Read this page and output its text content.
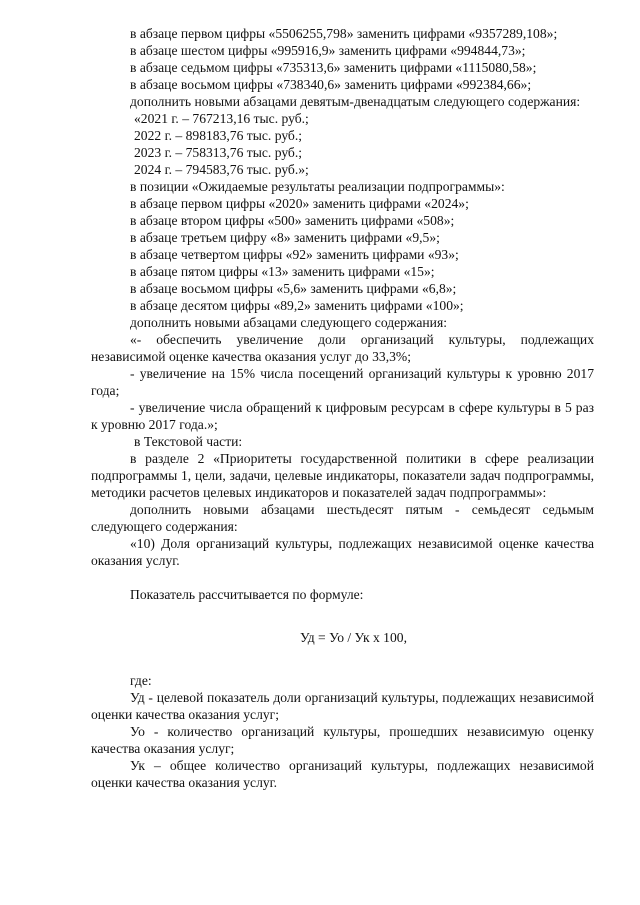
в абзаце первом цифры «5506255,798» заменить цифрами «9357289,108»;

в абзаце шестом цифры «995916,9» заменить цифрами «994844,73»;

в абзаце седьмом цифры «735313,6» заменить цифрами «1115080,58»;

в абзаце восьмом цифры «738340,6» заменить цифрами «992384,66»;

дополнить новыми абзацами девятым-двенадцатым следующего содержания:

«2021 г. – 767213,16 тыс. руб.;

2022 г. – 898183,76 тыс. руб.;

2023 г. – 758313,76 тыс. руб.;

2024 г. – 794583,76 тыс. руб.»;

в позиции «Ожидаемые результаты реализации подпрограммы»:

в абзаце первом цифры «2020» заменить цифрами «2024»;

в абзаце втором цифры «500» заменить цифрами «508»;

в абзаце третьем цифру «8» заменить цифрами «9,5»;

в абзаце четвертом цифры «92» заменить цифрами «93»;

в абзаце пятом цифры «13» заменить цифрами «15»;

в абзаце восьмом цифры «5,6» заменить цифрами «6,8»;

в абзаце десятом цифры «89,2» заменить цифрами «100»;

дополнить новыми абзацами следующего содержания:

«- обеспечить увеличение доли организаций культуры, подлежащих независимой оценке качества оказания услуг до 33,3%;

- увеличение на 15% числа посещений организаций культуры к уровню 2017 года;

- увеличение числа обращений к цифровым ресурсам в сфере культуры в 5 раз к уровню 2017 года.»;

в Текстовой части:

в разделе 2 «Приоритеты государственной политики в сфере реализации подпрограммы 1, цели, задачи, целевые индикаторы, показатели задач подпрограммы, методики расчетов целевых индикаторов и показателей задач подпрограммы»:

дополнить новыми абзацами шестьдесят пятым - семьдесят седьмым следующего содержания:

«10) Доля организаций культуры, подлежащих независимой оценке качества оказания услуг.

Показатель рассчитывается по формуле:

Уд = Уо / Ук х 100,

где:

Уд - целевой показатель доли организаций культуры, подлежащих независимой оценки качества оказания услуг;

Уо - количество организаций культуры, прошедших независимую оценку качества оказания услуг;

Ук – общее количество организаций культуры, подлежащих независимой оценки качества оказания услуг.
